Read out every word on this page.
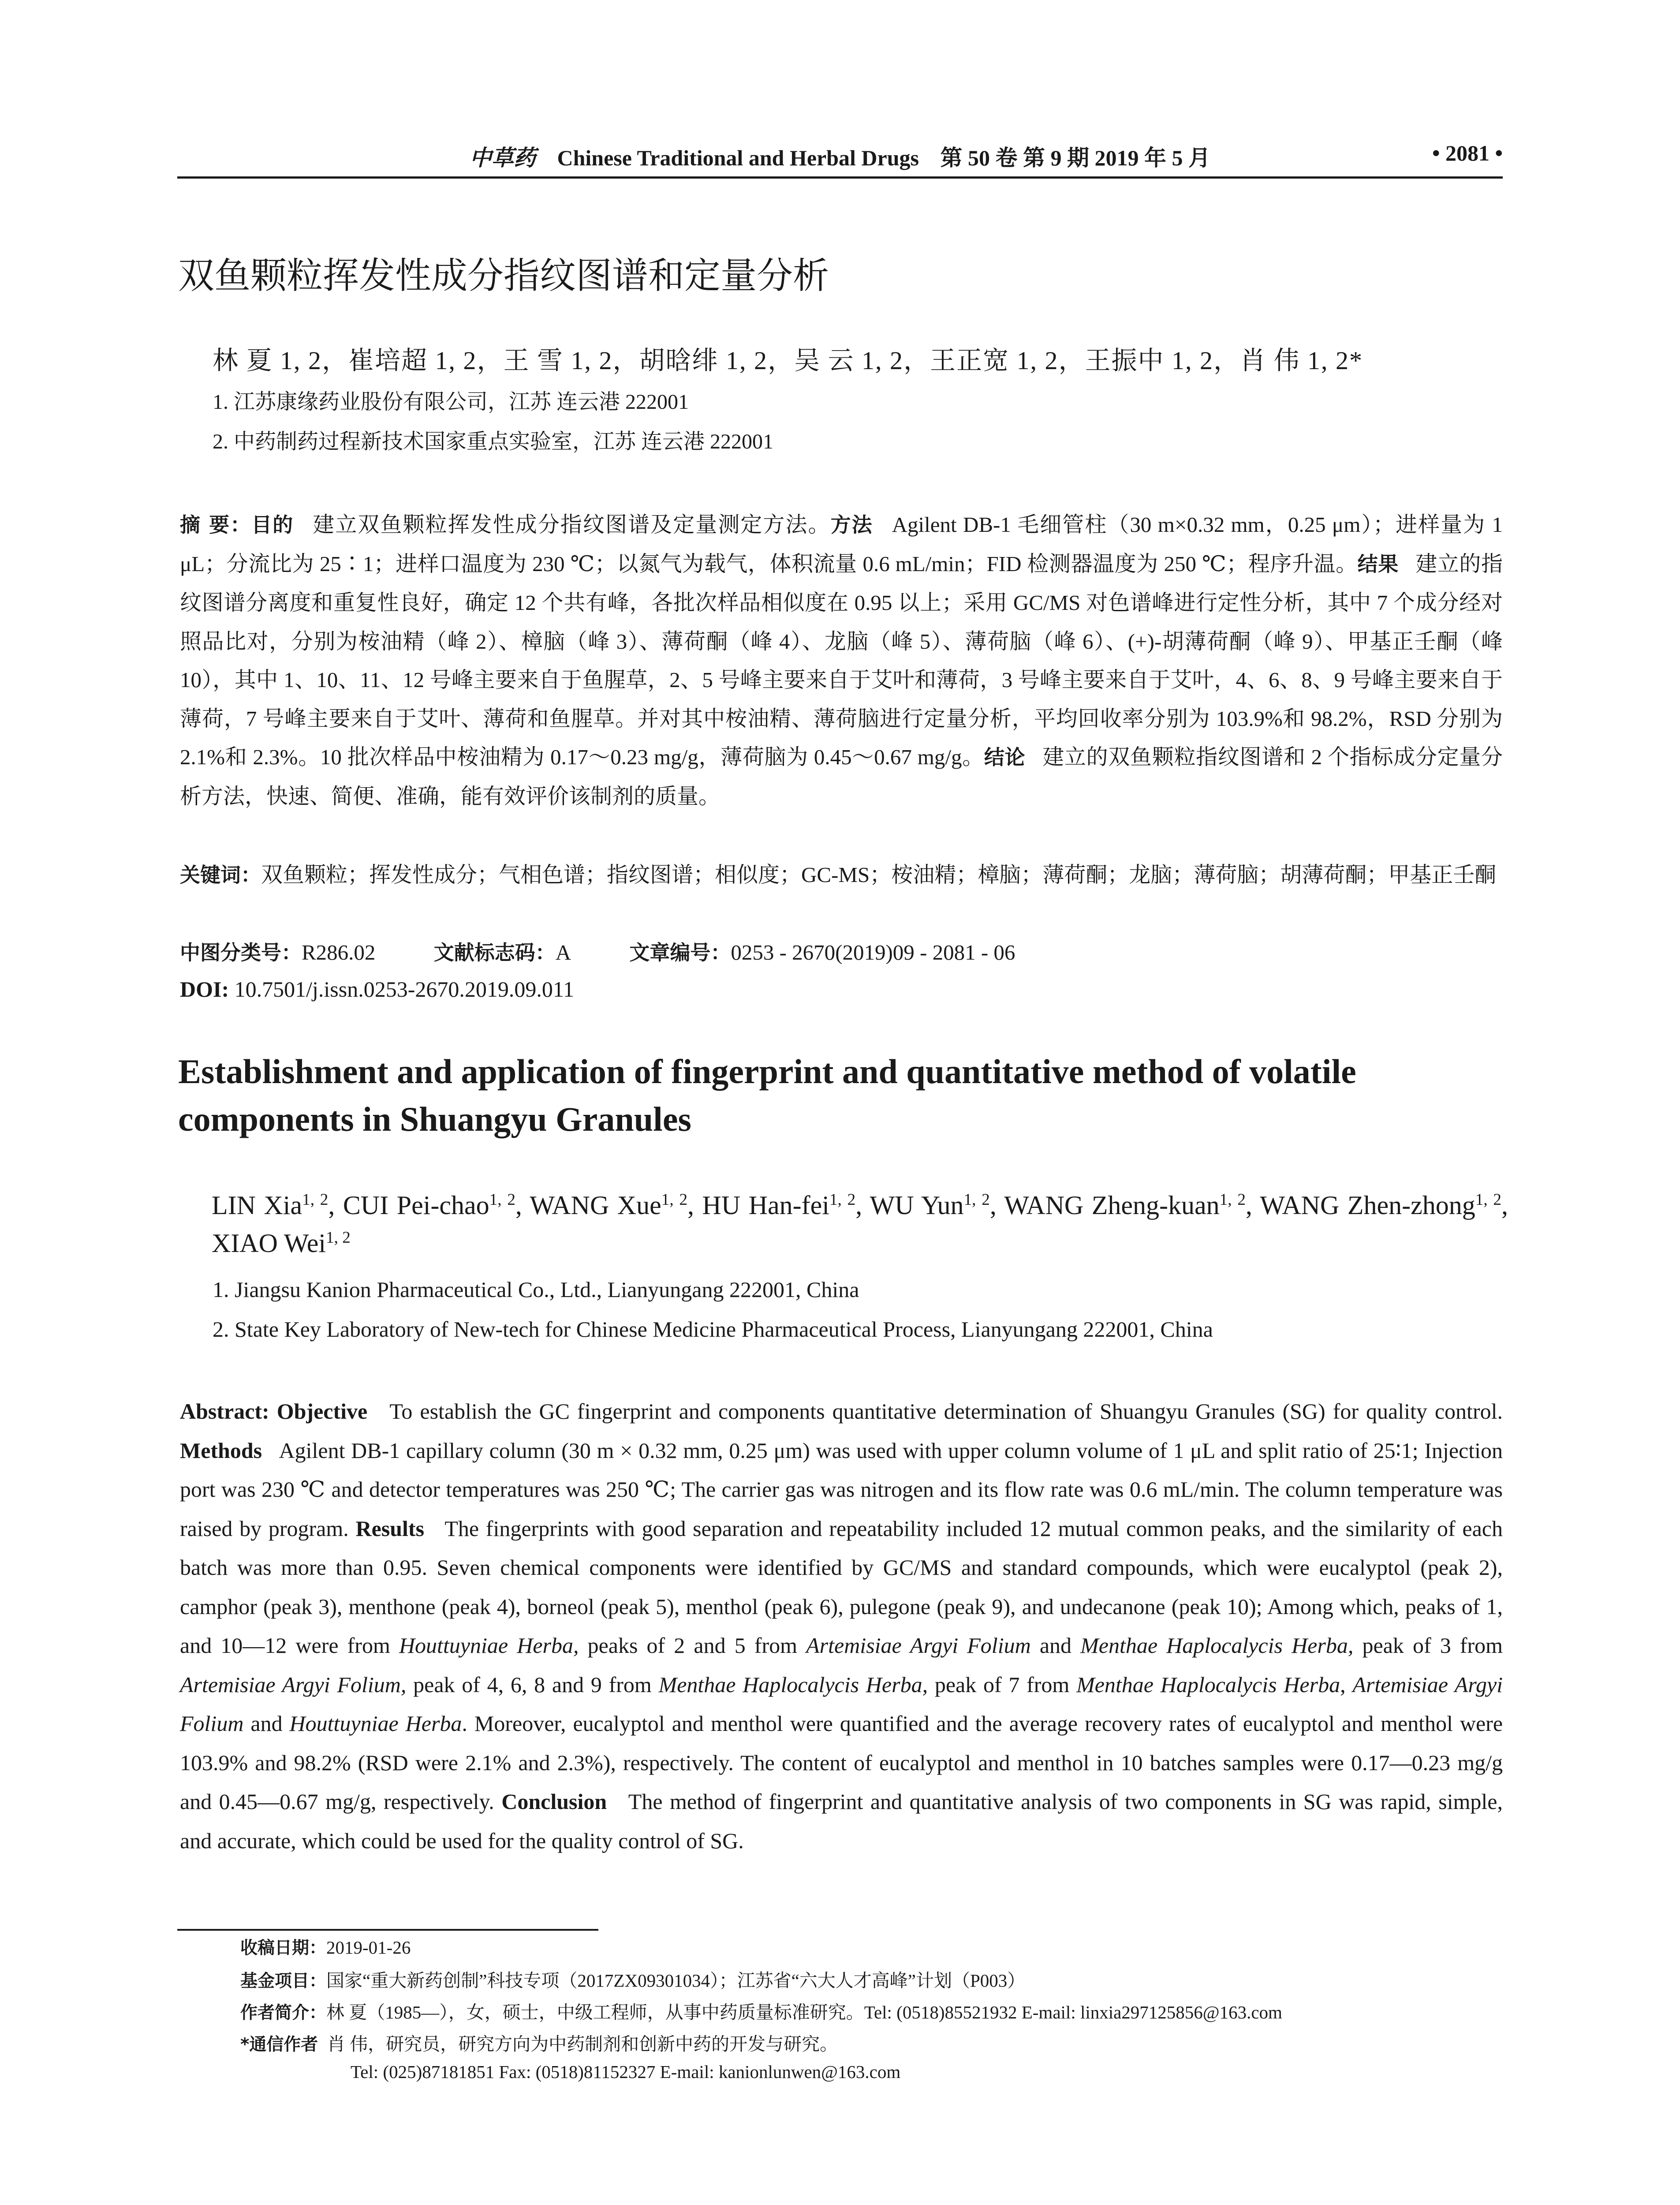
中草药 Chinese Traditional and Herbal Drugs 第 50 卷 第 9 期 2019 年 5 月	• 2081 •
双鱼颗粒挥发性成分指纹图谱和定量分析
林 夏 1, 2，崔培超 1, 2，王 雪 1, 2，胡晗绯 1, 2，吴 云 1, 2，王正宽 1, 2，王振中 1, 2，肖 伟 1, 2*
1. 江苏康缘药业股份有限公司，江苏 连云港 222001
2. 中药制药过程新技术国家重点实验室，江苏 连云港 222001
摘 要：目的 建立双鱼颗粒挥发性成分指纹图谱及定量测定方法。方法 Agilent DB-1 毛细管柱（30 m×0.32 mm，0.25 μm）；进样量为 1 μL；分流比为 25∶1；进样口温度为 230 ℃；以氮气为载气，体积流量 0.6 mL/min；FID 检测器温度为 250 ℃；程序升温。结果 建立的指纹图谱分离度和重复性良好，确定 12 个共有峰，各批次样品相似度在 0.95 以上；采用 GC/MS 对色谱峰进行定性分析，其中 7 个成分经对照品比对，分别为桉油精（峰 2）、樟脑（峰 3）、薄荷酮（峰 4）、龙脑（峰 5）、薄荷脑（峰 6）、(+)-胡薄荷酮（峰 9）、甲基正壬酮（峰 10），其中 1、10、11、12 号峰主要来自于鱼腥草，2、5 号峰主要来自于艾叶和薄荷，3 号峰主要来自于艾叶，4、6、8、9 号峰主要来自于薄荷，7 号峰主要来自于艾叶、薄荷和鱼腥草。并对其中桉油精、薄荷脑进行定量分析，平均回收率分别为 103.9%和 98.2%，RSD 分别为 2.1%和 2.3%。10 批次样品中桉油精为 0.17～0.23 mg/g，薄荷脑为 0.45～0.67 mg/g。结论 建立的双鱼颗粒指纹图谱和 2 个指标成分定量分析方法，快速、简便、准确，能有效评价该制剂的质量。
关键词：双鱼颗粒；挥发性成分；气相色谱；指纹图谱；相似度；GC-MS；桉油精；樟脑；薄荷酮；龙脑；薄荷脑；胡薄荷酮；甲基正壬酮
中图分类号：R286.02	文献标志码：A	文章编号：0253 - 2670(2019)09 - 2081 - 06
DOI: 10.7501/j.issn.0253-2670.2019.09.011
Establishment and application of fingerprint and quantitative method of volatile components in Shuangyu Granules
LIN Xia$^{1, 2}$, CUI Pei-chao$^{1, 2}$, WANG Xue$^{1, 2}$, HU Han-fei$^{1, 2}$, WU Yun$^{1, 2}$, WANG Zheng-kuan$^{1, 2}$, WANG Zhen-zhong$^{1, 2}$, XIAO Wei$^{1, 2}$
1. Jiangsu Kanion Pharmaceutical Co., Ltd., Lianyungang 222001, China
2. State Key Laboratory of New-tech for Chinese Medicine Pharmaceutical Process, Lianyungang 222001, China
Abstract: Objective To establish the GC fingerprint and components quantitative determination of Shuangyu Granules (SG) for quality control. Methods Agilent DB-1 capillary column (30 m × 0.32 mm, 0.25 μm) was used with upper column volume of 1 μL and split ratio of 25∶1; Injection port was 230 ℃ and detector temperatures was 250 ℃; The carrier gas was nitrogen and its flow rate was 0.6 mL/min. The column temperature was raised by program. Results The fingerprints with good separation and repeatability included 12 mutual common peaks, and the similarity of each batch was more than 0.95. Seven chemical components were identified by GC/MS and standard compounds, which were eucalyptol (peak 2), camphor (peak 3), menthone (peak 4), borneol (peak 5), menthol (peak 6), pulegone (peak 9), and undecanone (peak 10); Among which, peaks of 1, and 10—12 were from Houttuyniae Herba, peaks of 2 and 5 from Artemisiae Argyi Folium and Menthae Haplocalycis Herba, peak of 3 from Artemisiae Argyi Folium, peak of 4, 6, 8 and 9 from Menthae Haplocalycis Herba, peak of 7 from Menthae Haplocalycis Herba, Artemisiae Argyi Folium and Houttuyniae Herba. Moreover, eucalyptol and menthol were quantified and the average recovery rates of eucalyptol and menthol were 103.9% and 98.2% (RSD were 2.1% and 2.3%), respectively. The content of eucalyptol and menthol in 10 batches samples were 0.17—0.23 mg/g and 0.45—0.67 mg/g, respectively. Conclusion The method of fingerprint and quantitative analysis of two components in SG was rapid, simple, and accurate, which could be used for the quality control of SG.
收稿日期：2019-01-26
基金项目：国家“重大新药创制”科技专项（2017ZX09301034）；江苏省“六大人才高峰”计划（P003）
作者简介：林 夏（1985—），女，硕士，中级工程师，从事中药质量标准研究。Tel: (0518)85521932 E-mail: linxia297125856@163.com
*通信作者 肖 伟，研究员，研究方向为中药制剂和创新中药的开发与研究。
Tel: (025)87181851 Fax: (0518)81152327 E-mail: kanionlunwen@163.com
